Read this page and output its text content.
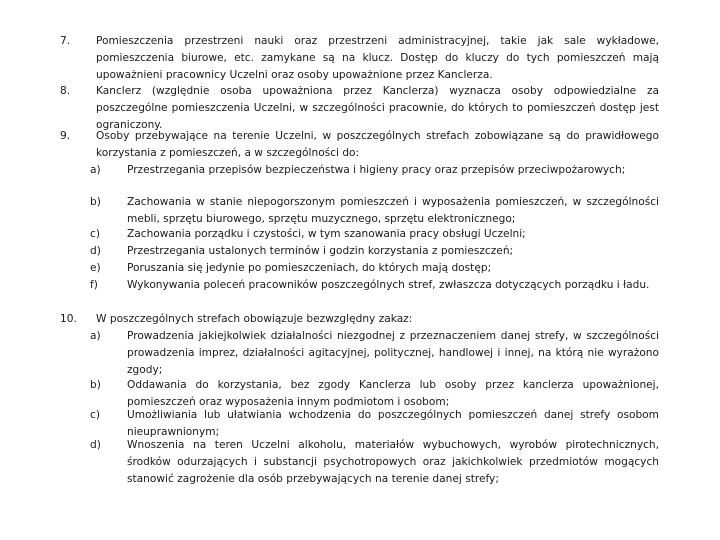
7. Pomieszczenia przestrzeni nauki oraz przestrzeni administracyjnej, takie jak sale wykładowe, pomieszczenia biurowe, etc. zamykane są na klucz. Dostęp do kluczy do tych pomieszczeń mają upoważnieni pracownicy Uczelni oraz osoby upoważnione przez Kanclerza.
8. Kanclerz (względnie osoba upoważniona przez Kanclerza) wyznacza osoby odpowiedzialne za poszczególne pomieszczenia Uczelni, w szczególności pracownie, do których to pomieszczeń dostęp jest ograniczony.
9. Osoby przebywające na terenie Uczelni, w poszczególnych strefach zobowiązane są do prawidłowego korzystania z pomieszczeń, a w szczególności do:
a) Przestrzegania przepisów bezpieczeństwa i higieny pracy oraz przepisów przeciwpożarowych;
b) Zachowania w stanie niepogorszonym pomieszczeń i wyposażenia pomieszczeń, w szczególności mebli, sprzętu biurowego, sprzętu muzycznego, sprzętu elektronicznego;
c)	Zachowania porządku i czystości, w tym szanowania pracy obsługi Uczelni;
d) Przestrzegania ustalonych terminów i godzin korzystania z pomieszczeń;
e) Poruszania się jedynie po pomieszczeniach, do których mają dostęp;
f)	Wykonywania poleceń pracowników poszczególnych stref, zwłaszcza dotyczących porządku i ładu.
10. W poszczególnych strefach obowiązuje bezwzględny zakaz:
a) Prowadzenia jakiejkolwiek działalności niezgodnej z przeznaczeniem danej strefy, w szczególności prowadzenia imprez, działalności agitacyjnej, politycznej, handlowej i innej, na którą nie wyrażono zgody;
b) Oddawania do korzystania, bez zgody Kanclerza lub osoby przez kanclerza upoważnionej, pomieszczeń oraz wyposażenia innym podmiotom i osobom;
c)	Umożliwiania lub ułatwiania wchodzenia do poszczególnych pomieszczeń danej strefy osobom nieuprawnionym;
d) Wnoszenia na teren Uczelni alkoholu, materiałów wybuchowych, wyrobów pirotechnicznych, środków odurzających i substancji psychotropowych oraz jakichkolwiek przedmiotów mogących stanowić zagrożenie dla osób przebywających na terenie danej strefy;
